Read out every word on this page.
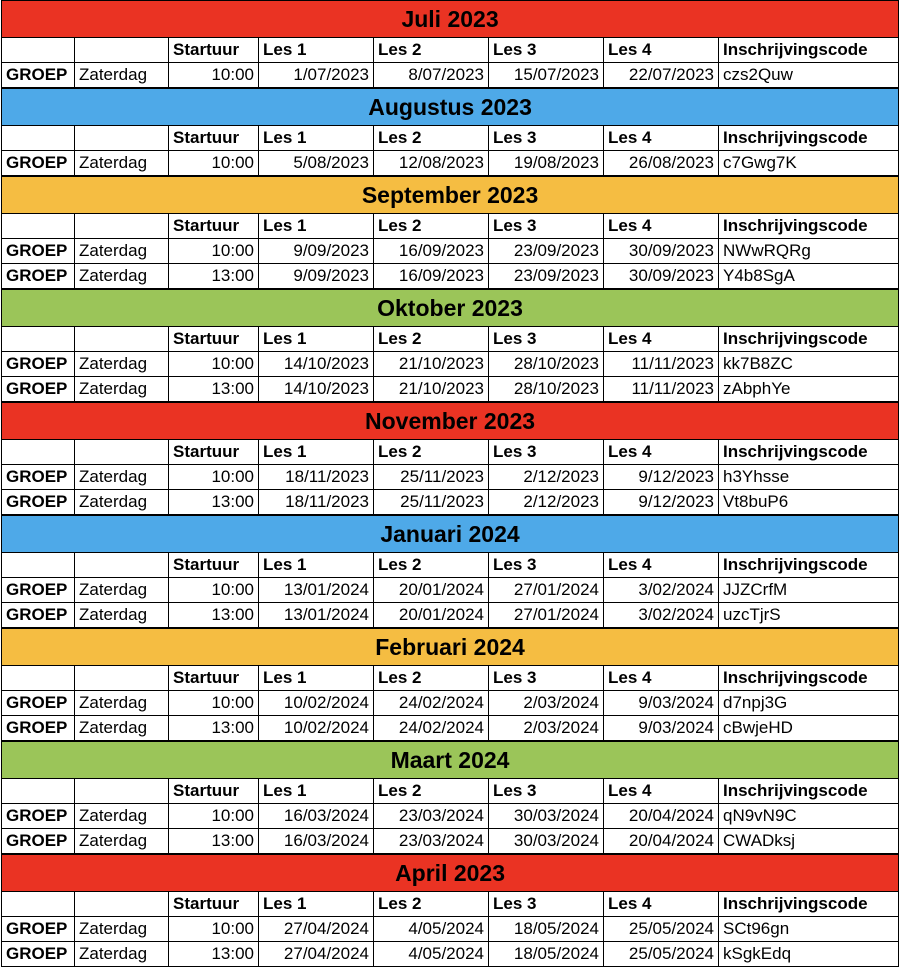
Juli 2023							
		Startuur	Les 1	Les 2	Les 3	Les 4	Inschrijvingscode
GROEP	Zaterdag	10:00	1/07/2023	8/07/2023	15/07/2023	22/07/2023	czs2Quw
Augustus 2023							
		Startuur	Les 1	Les 2	Les 3	Les 4	Inschrijvingscode
GROEP	Zaterdag	10:00	5/08/2023	12/08/2023	19/08/2023	26/08/2023	c7Gwg7K
September 2023							
		Startuur	Les 1	Les 2	Les 3	Les 4	Inschrijvingscode
GROEP	Zaterdag	10:00	9/09/2023	16/09/2023	23/09/2023	30/09/2023	NWwRQRg
GROEP	Zaterdag	13:00	9/09/2023	16/09/2023	23/09/2023	30/09/2023	Y4b8SgA
Oktober 2023							
		Startuur	Les 1	Les 2	Les 3	Les 4	Inschrijvingscode
GROEP	Zaterdag	10:00	14/10/2023	21/10/2023	28/10/2023	11/11/2023	kk7B8ZC
GROEP	Zaterdag	13:00	14/10/2023	21/10/2023	28/10/2023	11/11/2023	zAbphYe
November 2023							
		Startuur	Les 1	Les 2	Les 3	Les 4	Inschrijvingscode
GROEP	Zaterdag	10:00	18/11/2023	25/11/2023	2/12/2023	9/12/2023	h3Yhsse
GROEP	Zaterdag	13:00	18/11/2023	25/11/2023	2/12/2023	9/12/2023	Vt8buP6
Januari 2024							
		Startuur	Les 1	Les 2	Les 3	Les 4	Inschrijvingscode
GROEP	Zaterdag	10:00	13/01/2024	20/01/2024	27/01/2024	3/02/2024	JJZCrfM
GROEP	Zaterdag	13:00	13/01/2024	20/01/2024	27/01/2024	3/02/2024	uzcTjrS
Februari 2024							
		Startuur	Les 1	Les 2	Les 3	Les 4	Inschrijvingscode
GROEP	Zaterdag	10:00	10/02/2024	24/02/2024	2/03/2024	9/03/2024	d7npj3G
GROEP	Zaterdag	13:00	10/02/2024	24/02/2024	2/03/2024	9/03/2024	cBwjeHD
Maart 2024							
		Startuur	Les 1	Les 2	Les 3	Les 4	Inschrijvingscode
GROEP	Zaterdag	10:00	16/03/2024	23/03/2024	30/03/2024	20/04/2024	qN9vN9C
GROEP	Zaterdag	13:00	16/03/2024	23/03/2024	30/03/2024	20/04/2024	CWADksj
April 2023							
		Startuur	Les 1	Les 2	Les 3	Les 4	Inschrijvingscode
GROEP	Zaterdag	10:00	27/04/2024	4/05/2024	18/05/2024	25/05/2024	SCt96gn
GROEP	Zaterdag	13:00	27/04/2024	4/05/2024	18/05/2024	25/05/2024	kSgkEdq
